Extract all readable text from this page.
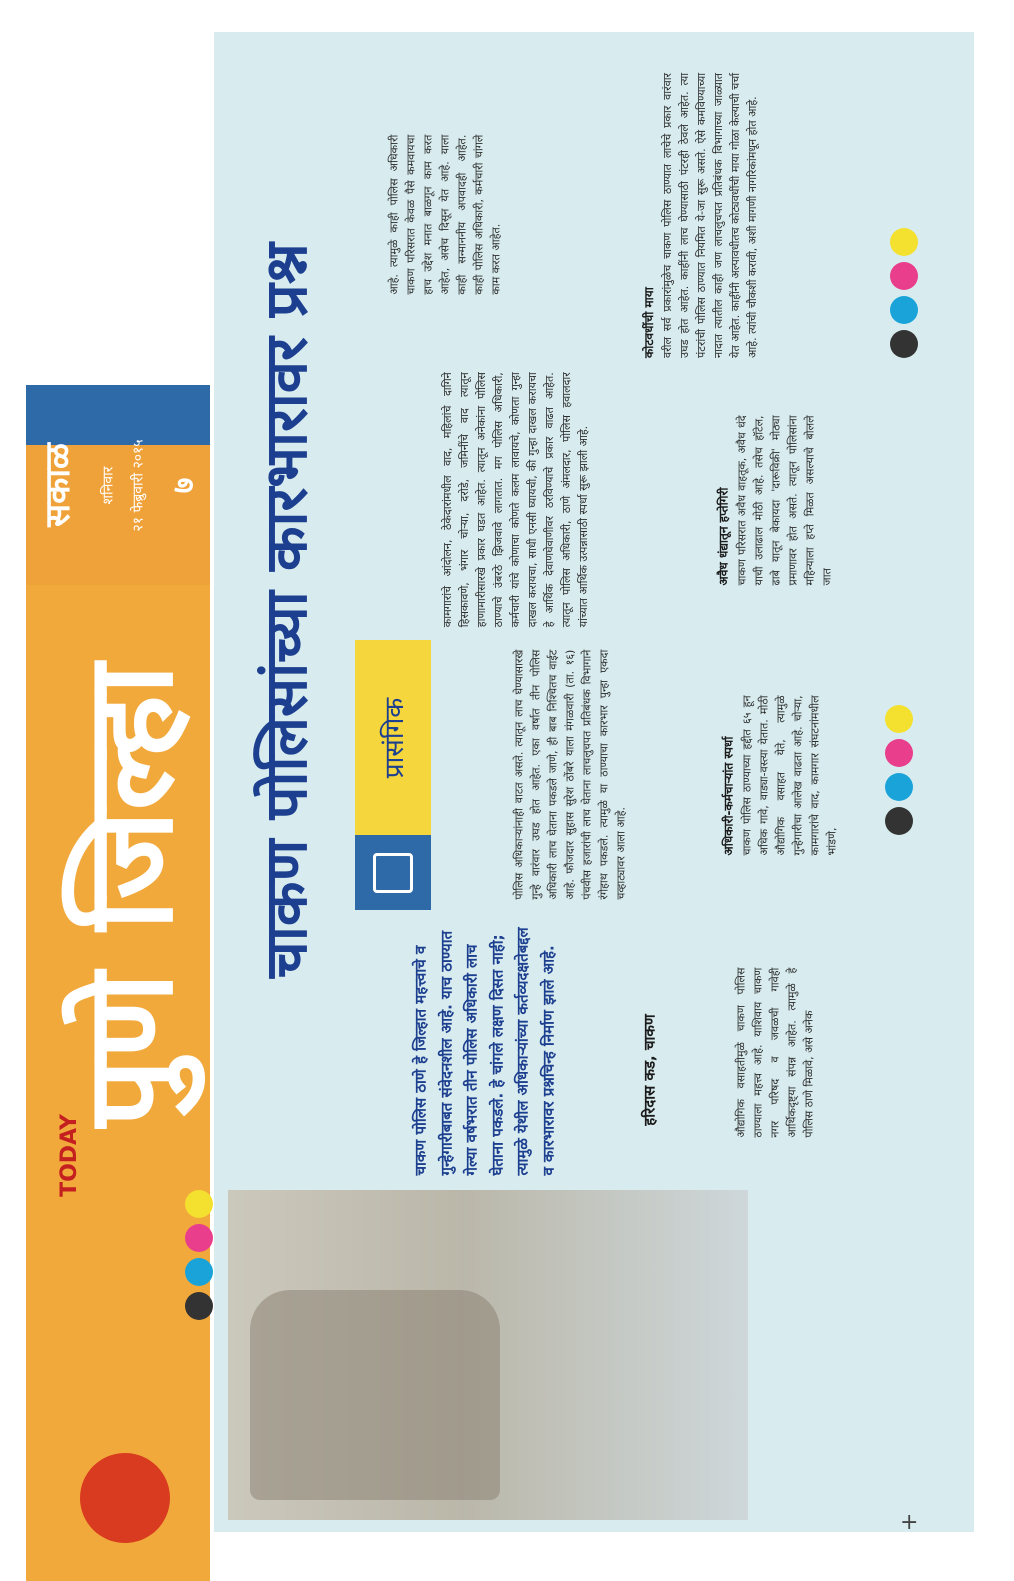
सकाळ शनिवार २१ फेब्रुवारी २०१५ ७
पुणे जिल्हा
TODAY
चाकण पोलिसांच्या कारभारावर प्रश्न प्रासंगिक
चाकण पोलिस ठाणे हे जिल्हात महत्त्वाचे व गुन्हेगारीबाबत संवेदनशील आहे. याच ठाण्यात गेल्या वर्षभरात तीन पोलिस अधिकारी लाच घेताना पकडले. हे चांगले लक्षण दिसत नाही; त्यामुळे येथील अधिकाऱ्यांच्या कर्तव्यदक्षतेबद्दल व कारभारावर प्रश्नचिन्ह निर्माण झाले आहे.	हरिदास कड, चाकण	औद्योगिक वसाहतीमुळे चाकण पोलिस ठाण्याला महत्त्व आहे. याशिवाय चाकण नगर परिषद व जवळची गावेही आर्थिकदृष्ट्या संपन्न आहेत. त्यामुळे हे पोलिस ठाणे मिळावे, असे अनेक
पोलिस अधिकाऱ्यांनाही वाटत असते. त्यातून लाच घेण्यासारखे गुन्हे वारंवार उघड होत आहेत. एका वर्षात तीन पोलिस अधिकारी लाच घेताना पकडले जाणे, ही बाब निश्चितच वाईट आहे. फौजदार सुहास सुरेश ठोंबरे याला मंगळवारी (ता. १६) पंचवीस हजारांची लाच घेताना लाचलुचपत प्रतिबंधक विभागाने रंगेहाथ पकडले. त्यामुळे या ठाण्याचा कारभार पुन्हा एकदा चव्हाट्यावर आला आहे.	अधिकारी-कर्मचाऱ्यांत स्पर्धा चाकण पोलिस ठाण्याच्या हद्दीत ६५ हून अधिक गावे, वाड्या-वस्त्या येतात. मोठी औद्योगिक वसाहत येते, त्यामुळे गुन्हेगारीचा आलेख वाढता आहे. चोऱ्या, कामगारांचे वाद, कामगार संघटनांमधील भांडणे,
कामगारांचे आंदोलन, ठेकेदारांमधील वाद, महिलांचे दागिने हिसकावणे, भंगार चोऱ्या, दरोडे, जमिनींचे वाद त्यातून हाणामारीसारखे प्रकार घडत आहेत. त्यातून अनेकांना पोलिस ठाण्याचे उंबरठे झिजवावे लागतात. मग पोलिस अधिकारी, कर्मचारी यांचे कोणाचा कोणते कलम लावायचे, कोणता गुन्हा दाखल करायचा, साधी एनसी घ्यायची, की गुन्हा दाखल करायचा हे आर्थिक देवाणघेवाणीवर ठरविण्याचे प्रकार वाढत आहेत. त्यातून पोलिस अधिकारी, ठाणे अंमलदार, पोलिस हवालदार यांच्यात आर्थिक उत्पन्नासाठी स्पर्धा सुरू झाली आहे.	अवैध धंद्यातून हप्तेगिरी चाकण परिसरात अवैध वाहतूक, अवैध धंदे याची उलाढाल मोठी आहे. तसेच हॉटेल, ढाबे यातून बेकायदा 'दारूविक्री' मोठ्या प्रमाणावर होत असते. त्यातून पोलिसांना महिन्याला हप्ते मिळत असल्याचे बोलले जात
आहे. त्यामुळे काही पोलिस अधिकारी चाकण परिसरात केवळ पैसे कमवायचा हाच उद्देश मनात बाळगून काम करत आहेत, असेच दिसून येत आहे. याला काही सन्माननीय अपवादही आहेत. काही पोलिस अधिकारी, कर्मचारी चांगले काम करत आहेत.
कोटवधींची माया वरील सर्व प्रकारांमुळेच चाकण पोलिस ठाण्यात लाचेचे प्रकार वारंवार उघड होत आहेत. काहींनी लाच घेण्यासाठी पंटरही ठेवले आहेत. त्या पंटरांची पोलिस ठाण्यात नियमित ये-जा सुरू असते. ऐसे कमविण्याच्या नादात त्यातील काही जण लाचलुचपत प्रतिबंधक विभागाच्या जाळ्यात येत आहेत. काहींनी अल्पावधीतच कोट्यवधींची माया गोळा केल्याची चर्चा आहे. त्यांची चौकशी करावी, अशी मागणी नागरिकांमधून होत आहे.
+
